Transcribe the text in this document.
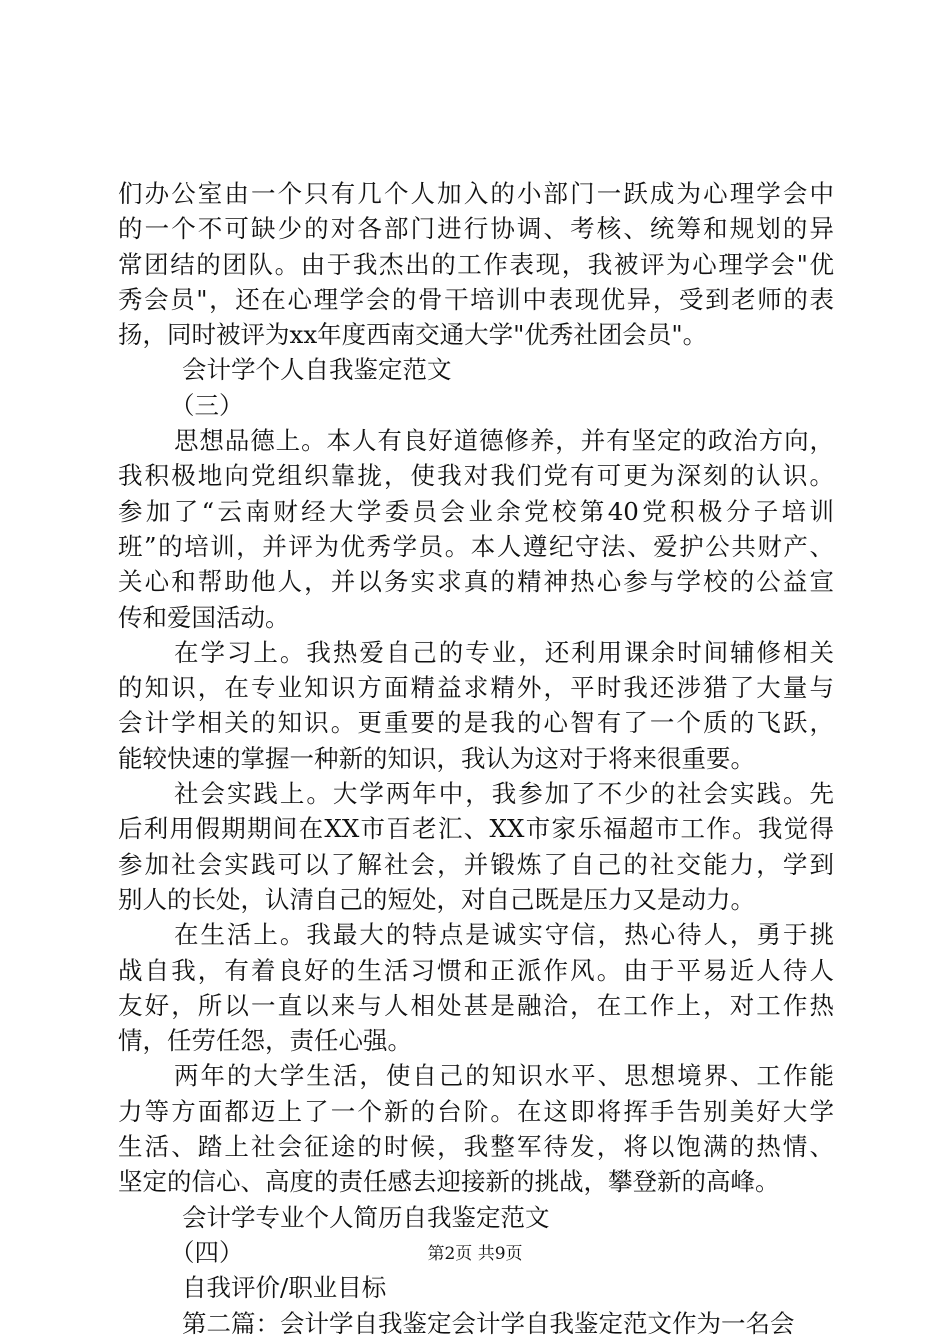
们办公室由一个只有几个人加入的小部门一跃成为心理学会中
的一个不可缺少的对各部门进行协调、考核、统筹和规划的异
常团结的团队。由于我杰出的工作表现，我被评为心理学会"优
秀会员"，还在心理学会的骨干培训中表现优异，受到老师的表
扬，同时被评为xx年度西南交通大学"优秀社团会员"。
会计学个人自我鉴定范文
（三）
思想品德上。本人有良好道德修养，并有坚定的政治方向，
我积极地向党组织靠拢，使我对我们党有可更为深刻的认识。
参加了“云南财经大学委员会业余党校第40党积极分子培训
班”的培训，并评为优秀学员。本人遵纪守法、爱护公共财产、
关心和帮助他人，并以务实求真的精神热心参与学校的公益宣
传和爱国活动。
在学习上。我热爱自己的专业，还利用课余时间辅修相关
的知识，在专业知识方面精益求精外，平时我还涉猎了大量与
会计学相关的知识。更重要的是我的心智有了一个质的飞跃，
能较快速的掌握一种新的知识，我认为这对于将来很重要。
社会实践上。大学两年中，我参加了不少的社会实践。先
后利用假期期间在XX市百老汇、XX市家乐福超市工作。我觉得
参加社会实践可以了解社会，并锻炼了自己的社交能力，学到
别人的长处，认清自己的短处，对自己既是压力又是动力。
在生活上。我最大的特点是诚实守信，热心待人，勇于挑
战自我，有着良好的生活习惯和正派作风。由于平易近人待人
友好，所以一直以来与人相处甚是融洽，在工作上，对工作热
情，任劳任怨，责任心强。
两年的大学生活，使自己的知识水平、思想境界、工作能
力等方面都迈上了一个新的台阶。在这即将挥手告别美好大学
生活、踏上社会征途的时候，我整军待发，将以饱满的热情、
坚定的信心、高度的责任感去迎接新的挑战，攀登新的高峰。
会计学专业个人简历自我鉴定范文
（四）
自我评价/职业目标
第二篇：会计学自我鉴定会计学自我鉴定范文作为一名会
第2页 共9页
